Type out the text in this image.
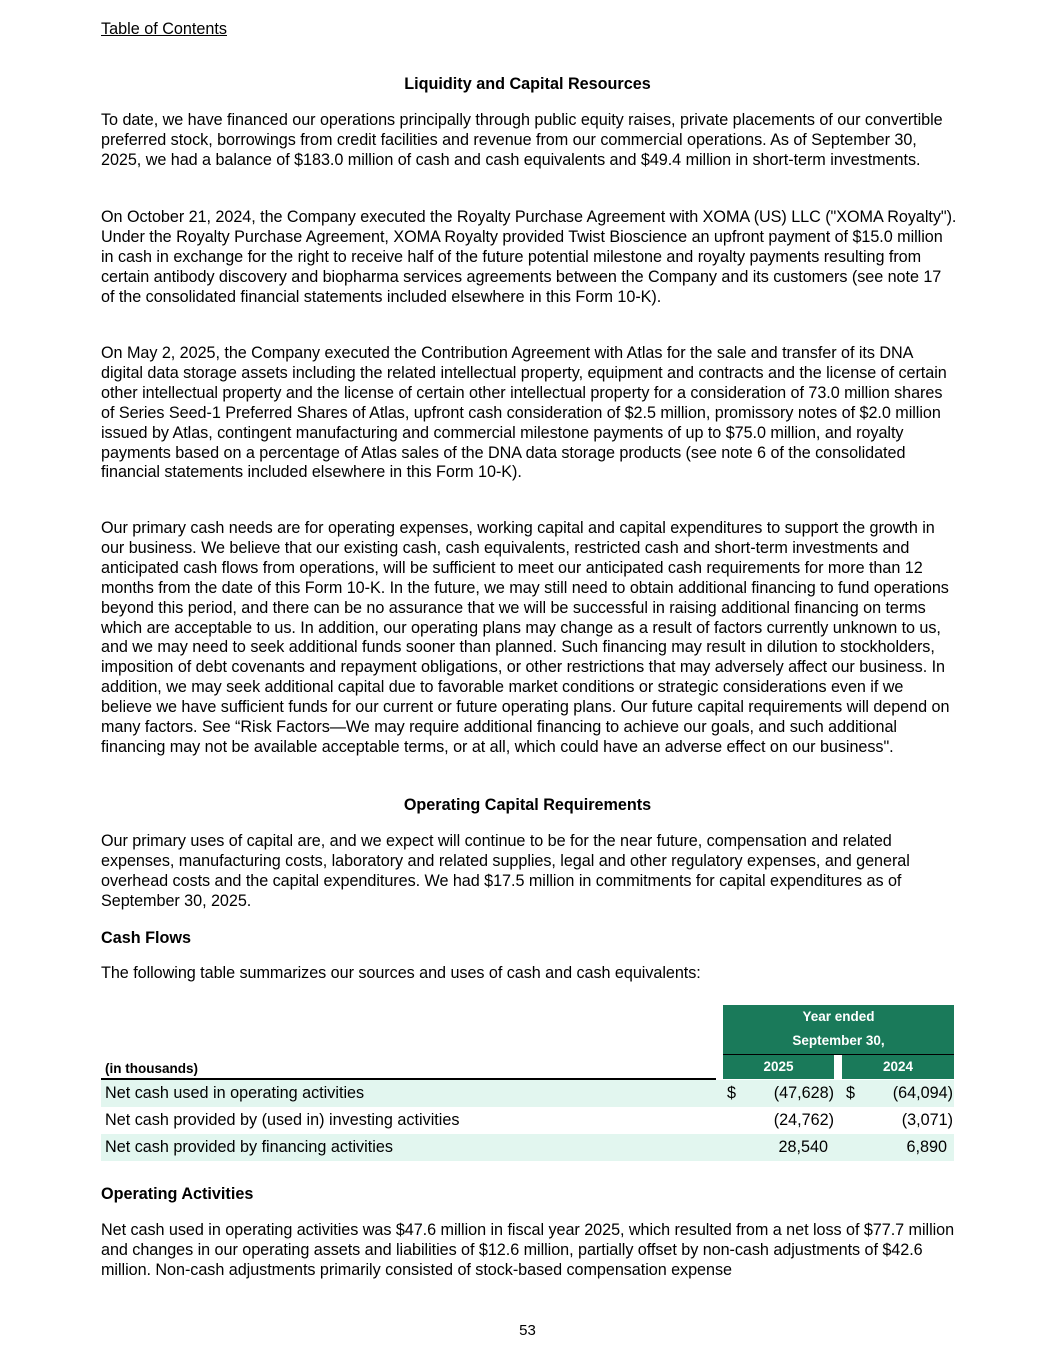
Table of Contents
Liquidity and Capital Resources

To date, we have financed our operations principally through public equity raises, private placements of our convertible preferred stock, borrowings from credit facilities and revenue from our commercial operations. As of September 30, 2025, we had a balance of $183.0 million of cash and cash equivalents and $49.4 million in short-term investments.

On October 21, 2024, the Company executed the Royalty Purchase Agreement with XOMA (US) LLC ("XOMA Royalty"). Under the Royalty Purchase Agreement, XOMA Royalty provided Twist Bioscience an upfront payment of $15.0 million in cash in exchange for the right to receive half of the future potential milestone and royalty payments resulting from certain antibody discovery and biopharma services agreements between the Company and its customers (see note 17 of the consolidated financial statements included elsewhere in this Form 10-K).

On May 2, 2025, the Company executed the Contribution Agreement with Atlas for the sale and transfer of its DNA digital data storage assets including the related intellectual property, equipment and contracts and the license of certain other intellectual property and the license of certain other intellectual property for a consideration of 73.0 million shares of Series Seed-1 Preferred Shares of Atlas, upfront cash consideration of $2.5 million, promissory notes of $2.0 million issued by Atlas, contingent manufacturing and commercial milestone payments of up to $75.0 million, and royalty payments based on a percentage of Atlas sales of the DNA data storage products (see note 6 of the consolidated financial statements included elsewhere in this Form 10-K).

Our primary cash needs are for operating expenses, working capital and capital expenditures to support the growth in our business. We believe that our existing cash, cash equivalents, restricted cash and short-term investments and anticipated cash flows from operations, will be sufficient to meet our anticipated cash requirements for more than 12 months from the date of this Form 10-K. In the future, we may still need to obtain additional financing to fund operations beyond this period, and there can be no assurance that we will be successful in raising additional financing on terms which are acceptable to us. In addition, our operating plans may change as a result of factors currently unknown to us, and we may need to seek additional funds sooner than planned. Such financing may result in dilution to stockholders, imposition of debt covenants and repayment obligations, or other restrictions that may adversely affect our business. In addition, we may seek additional capital due to favorable market conditions or strategic considerations even if we believe we have sufficient funds for our current or future operating plans. Our future capital requirements will depend on many factors. See “Risk Factors—We may require additional financing to achieve our goals, and such additional financing may not be available acceptable terms, or at all, which could have an adverse effect on our business".

Operating Capital Requirements

Our primary uses of capital are, and we expect will continue to be for the near future, compensation and related expenses, manufacturing costs, laboratory and related supplies, legal and other regulatory expenses, and general overhead costs and the capital expenditures. We had $17.5 million in commitments for capital expenditures as of September 30, 2025.

Cash Flows

The following table summarizes our sources and uses of cash and cash equivalents:

Year ended
September 30,
2025	2024
(in thousands)
Net cash used in operating activities	$ (47,628) $ (64,094)
Net cash provided by (used in) investing activities	(24,762)	(3,071)
Net cash provided by financing activities	28,540	6,890
Operating Activities

Net cash used in operating activities was $47.6 million in fiscal year 2025, which resulted from a net loss of $77.7 million and changes in our operating assets and liabilities of $12.6 million, partially offset by non-cash adjustments of $42.6 million. Non-cash adjustments primarily consisted of stock-based compensation expense

53
